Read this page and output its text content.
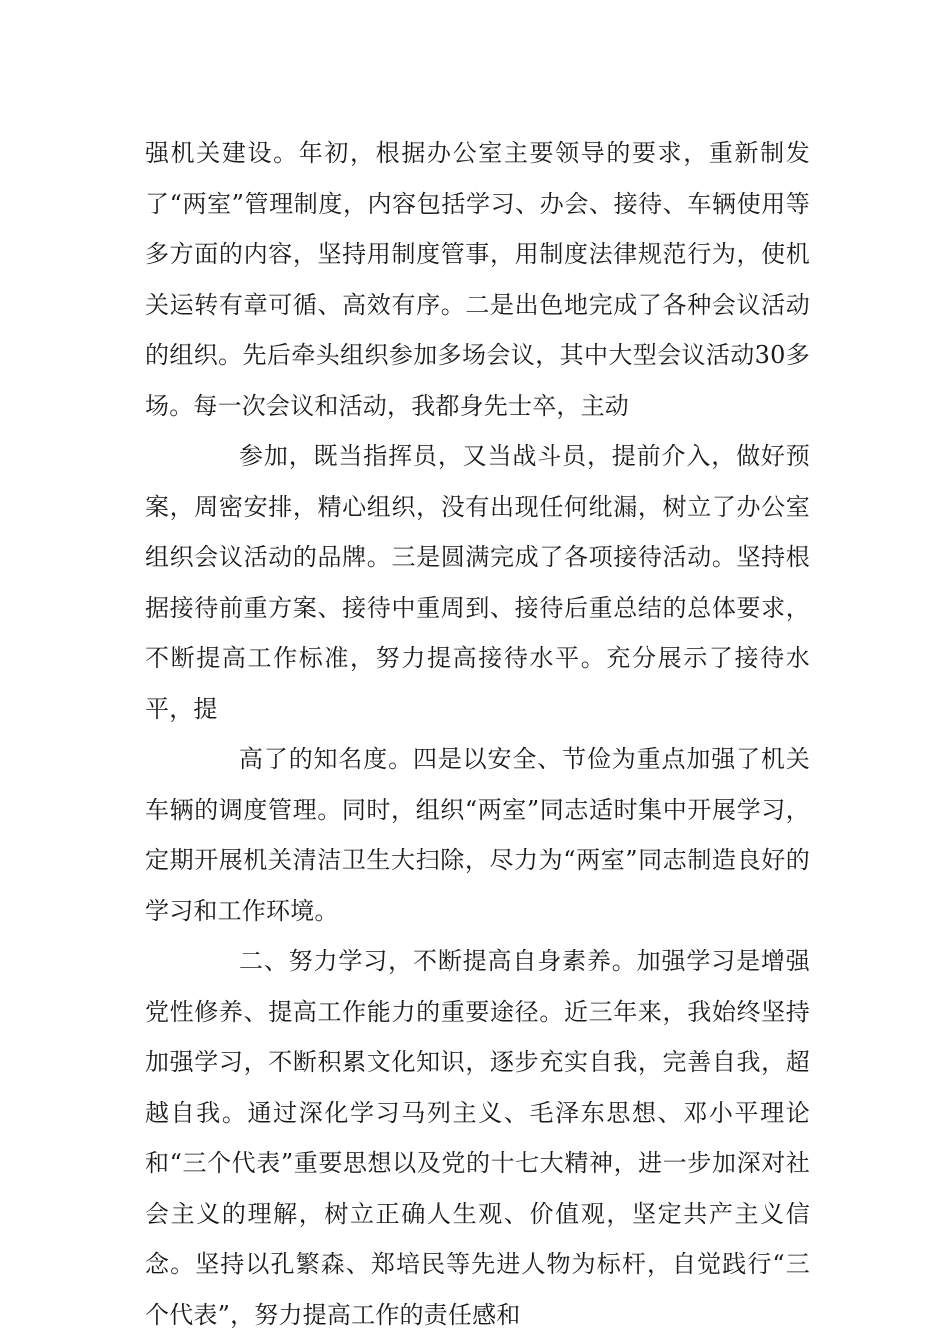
强机关建设。年初，根据办公室主要领导的要求，重新制发了“两室”管理制度，内容包括学习、办会、接待、车辆使用等多方面的内容，坚持用制度管事，用制度法律规范行为，使机关运转有章可循、高效有序。二是出色地完成了各种会议活动的组织。先后牵头组织参加多场会议，其中大型会议活动30多场。每一次会议和活动，我都身先士卒，主动

参加，既当指挥员，又当战斗员，提前介入，做好预案，周密安排，精心组织，没有出现任何纰漏，树立了办公室组织会议活动的品牌。三是圆满完成了各项接待活动。坚持根据接待前重方案、接待中重周到、接待后重总结的总体要求，不断提高工作标准，努力提高接待水平。充分展示了接待水平，提

高了的知名度。四是以安全、节俭为重点加强了机关车辆的调度管理。同时，组织“两室”同志适时集中开展学习，定期开展机关清洁卫生大扫除，尽力为“两室”同志制造良好的学习和工作环境。

二、努力学习，不断提高自身素养。加强学习是增强党性修养、提高工作能力的重要途径。近三年来，我始终坚持加强学习，不断积累文化知识，逐步充实自我，完善自我，超越自我。通过深化学习马列主义、毛泽东思想、邓小平理论和“三个代表”重要思想以及党的十七大精神，进一步加深对社会主义的理解，树立正确人生观、价值观，坚定共产主义信念。坚持以孔繁森、郑培民等先进人物为标杆，自觉践行“三个代表”，努力提高工作的责任感和
